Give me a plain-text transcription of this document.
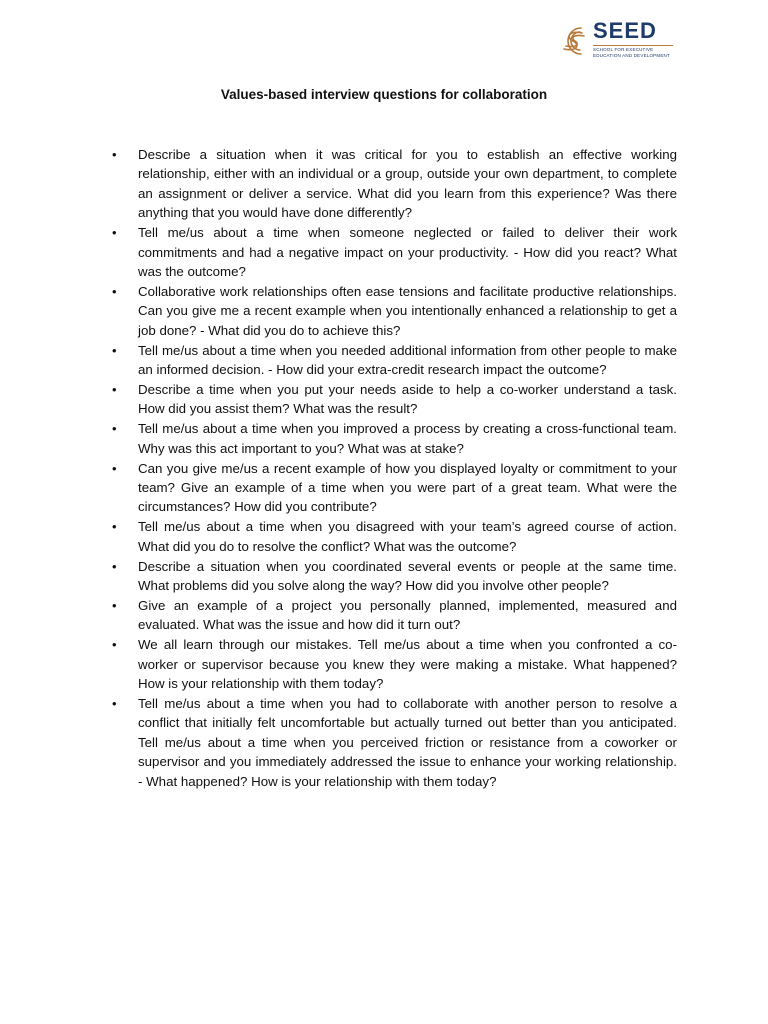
SEED
SCHOOL FOR EXECUTIVE
EDUCATION AND DEVELOPMENT
Values-based interview questions for collaboration
•	Describe a situation when it was critical for you to establish an effective working relationship, either with an individual or a group, outside your own department, to complete an assignment or deliver a service. What did you learn from this experience? Was there anything that you would have done differently?
•	Tell me/us about a time when someone neglected or failed to deliver their work commitments and had a negative impact on your productivity. - How did you react? What was the outcome?
•	Collaborative work relationships often ease tensions and facilitate productive relationships. Can you give me a recent example when you intentionally enhanced a relationship to get a job done? - What did you do to achieve this?
•	Tell me/us about a time when you needed additional information from other people to make an informed decision. - How did your extra-credit research impact the outcome?
•	Describe a time when you put your needs aside to help a co-worker understand a task. How did you assist them? What was the result?
•	Tell me/us about a time when you improved a process by creating a cross-functional team. Why was this act important to you? What was at stake?
•	Can you give me/us a recent example of how you displayed loyalty or commitment to your team? Give an example of a time when you were part of a great team. What were the circumstances? How did you contribute?
•	Tell me/us about a time when you disagreed with your team’s agreed course of action. What did you do to resolve the conflict? What was the outcome?
•	Describe a situation when you coordinated several events or people at the same time. What problems did you solve along the way? How did you involve other people?
•	Give an example of a project you personally planned, implemented, measured and evaluated. What was the issue and how did it turn out?
•	We all learn through our mistakes. Tell me/us about a time when you confronted a co-worker or supervisor because you knew they were making a mistake. What happened? How is your relationship with them today?
•	Tell me/us about a time when you had to collaborate with another person to resolve a conflict that initially felt uncomfortable but actually turned out better than you anticipated. Tell me/us about a time when you perceived friction or resistance from a coworker or supervisor and you immediately addressed the issue to enhance your working relationship. - What happened? How is your relationship with them today?
